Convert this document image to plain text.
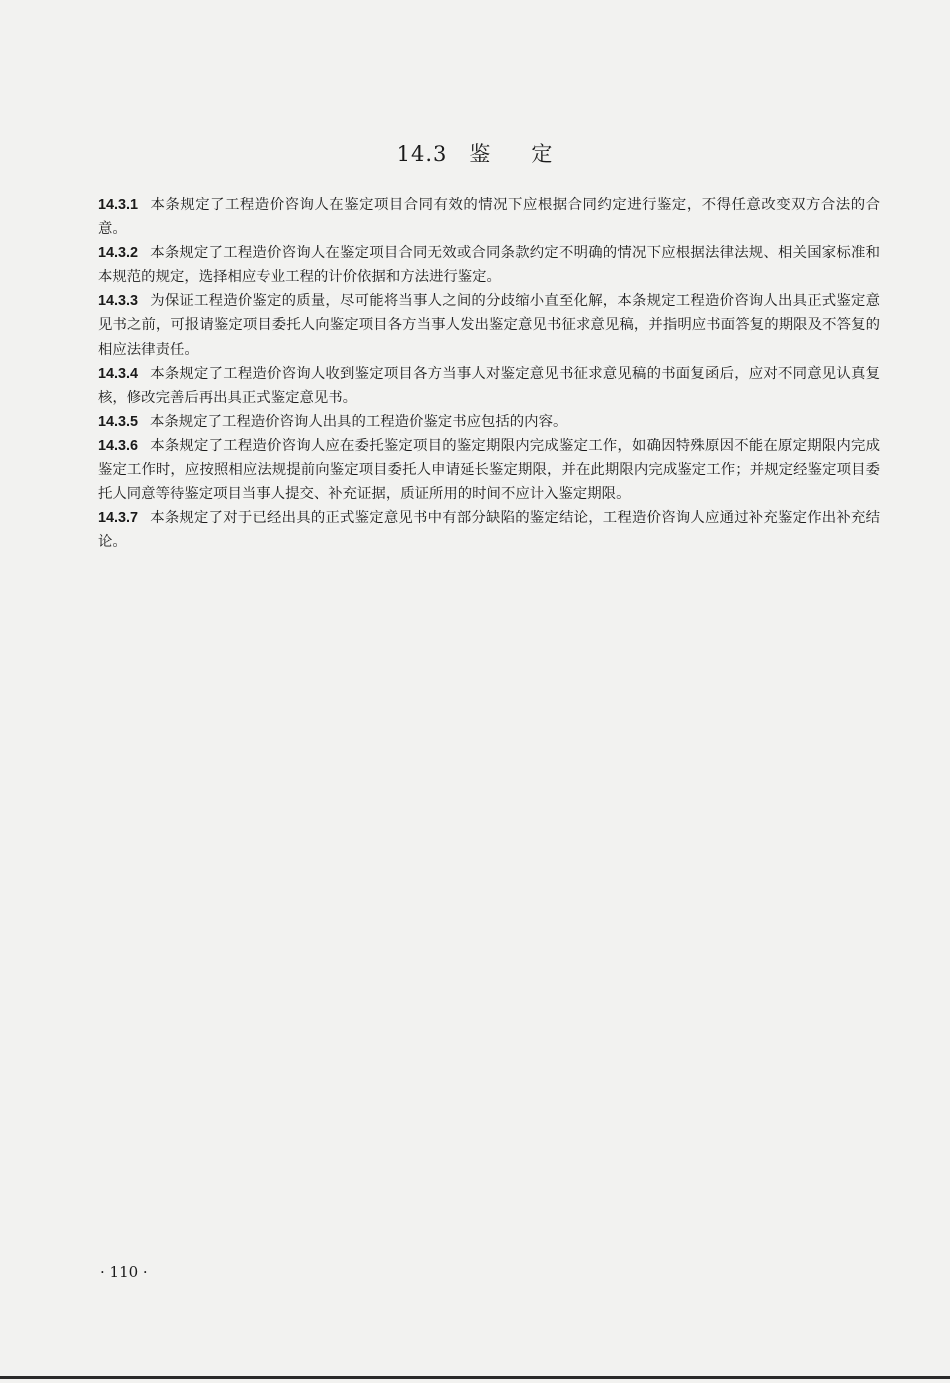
14.3 鉴 定

14.3.1 本条规定了工程造价咨询人在鉴定项目合同有效的情况下应根据合同约定进行鉴定，不得任意改变双方合法的合意。

14.3.2 本条规定了工程造价咨询人在鉴定项目合同无效或合同条款约定不明确的情况下应根据法律法规、相关国家标准和本规范的规定，选择相应专业工程的计价依据和方法进行鉴定。

14.3.3 为保证工程造价鉴定的质量，尽可能将当事人之间的分歧缩小直至化解，本条规定工程造价咨询人出具正式鉴定意见书之前，可报请鉴定项目委托人向鉴定项目各方当事人发出鉴定意见书征求意见稿，并指明应书面答复的期限及不答复的相应法律责任。

14.3.4 本条规定了工程造价咨询人收到鉴定项目各方当事人对鉴定意见书征求意见稿的书面复函后，应对不同意见认真复核，修改完善后再出具正式鉴定意见书。

14.3.5 本条规定了工程造价咨询人出具的工程造价鉴定书应包括的内容。

14.3.6 本条规定了工程造价咨询人应在委托鉴定项目的鉴定期限内完成鉴定工作，如确因特殊原因不能在原定期限内完成鉴定工作时，应按照相应法规提前向鉴定项目委托人申请延长鉴定期限，并在此期限内完成鉴定工作；并规定经鉴定项目委托人同意等待鉴定项目当事人提交、补充证据，质证所用的时间不应计入鉴定期限。

14.3.7 本条规定了对于已经出具的正式鉴定意见书中有部分缺陷的鉴定结论，工程造价咨询人应通过补充鉴定作出补充结论。

· 110 ·
